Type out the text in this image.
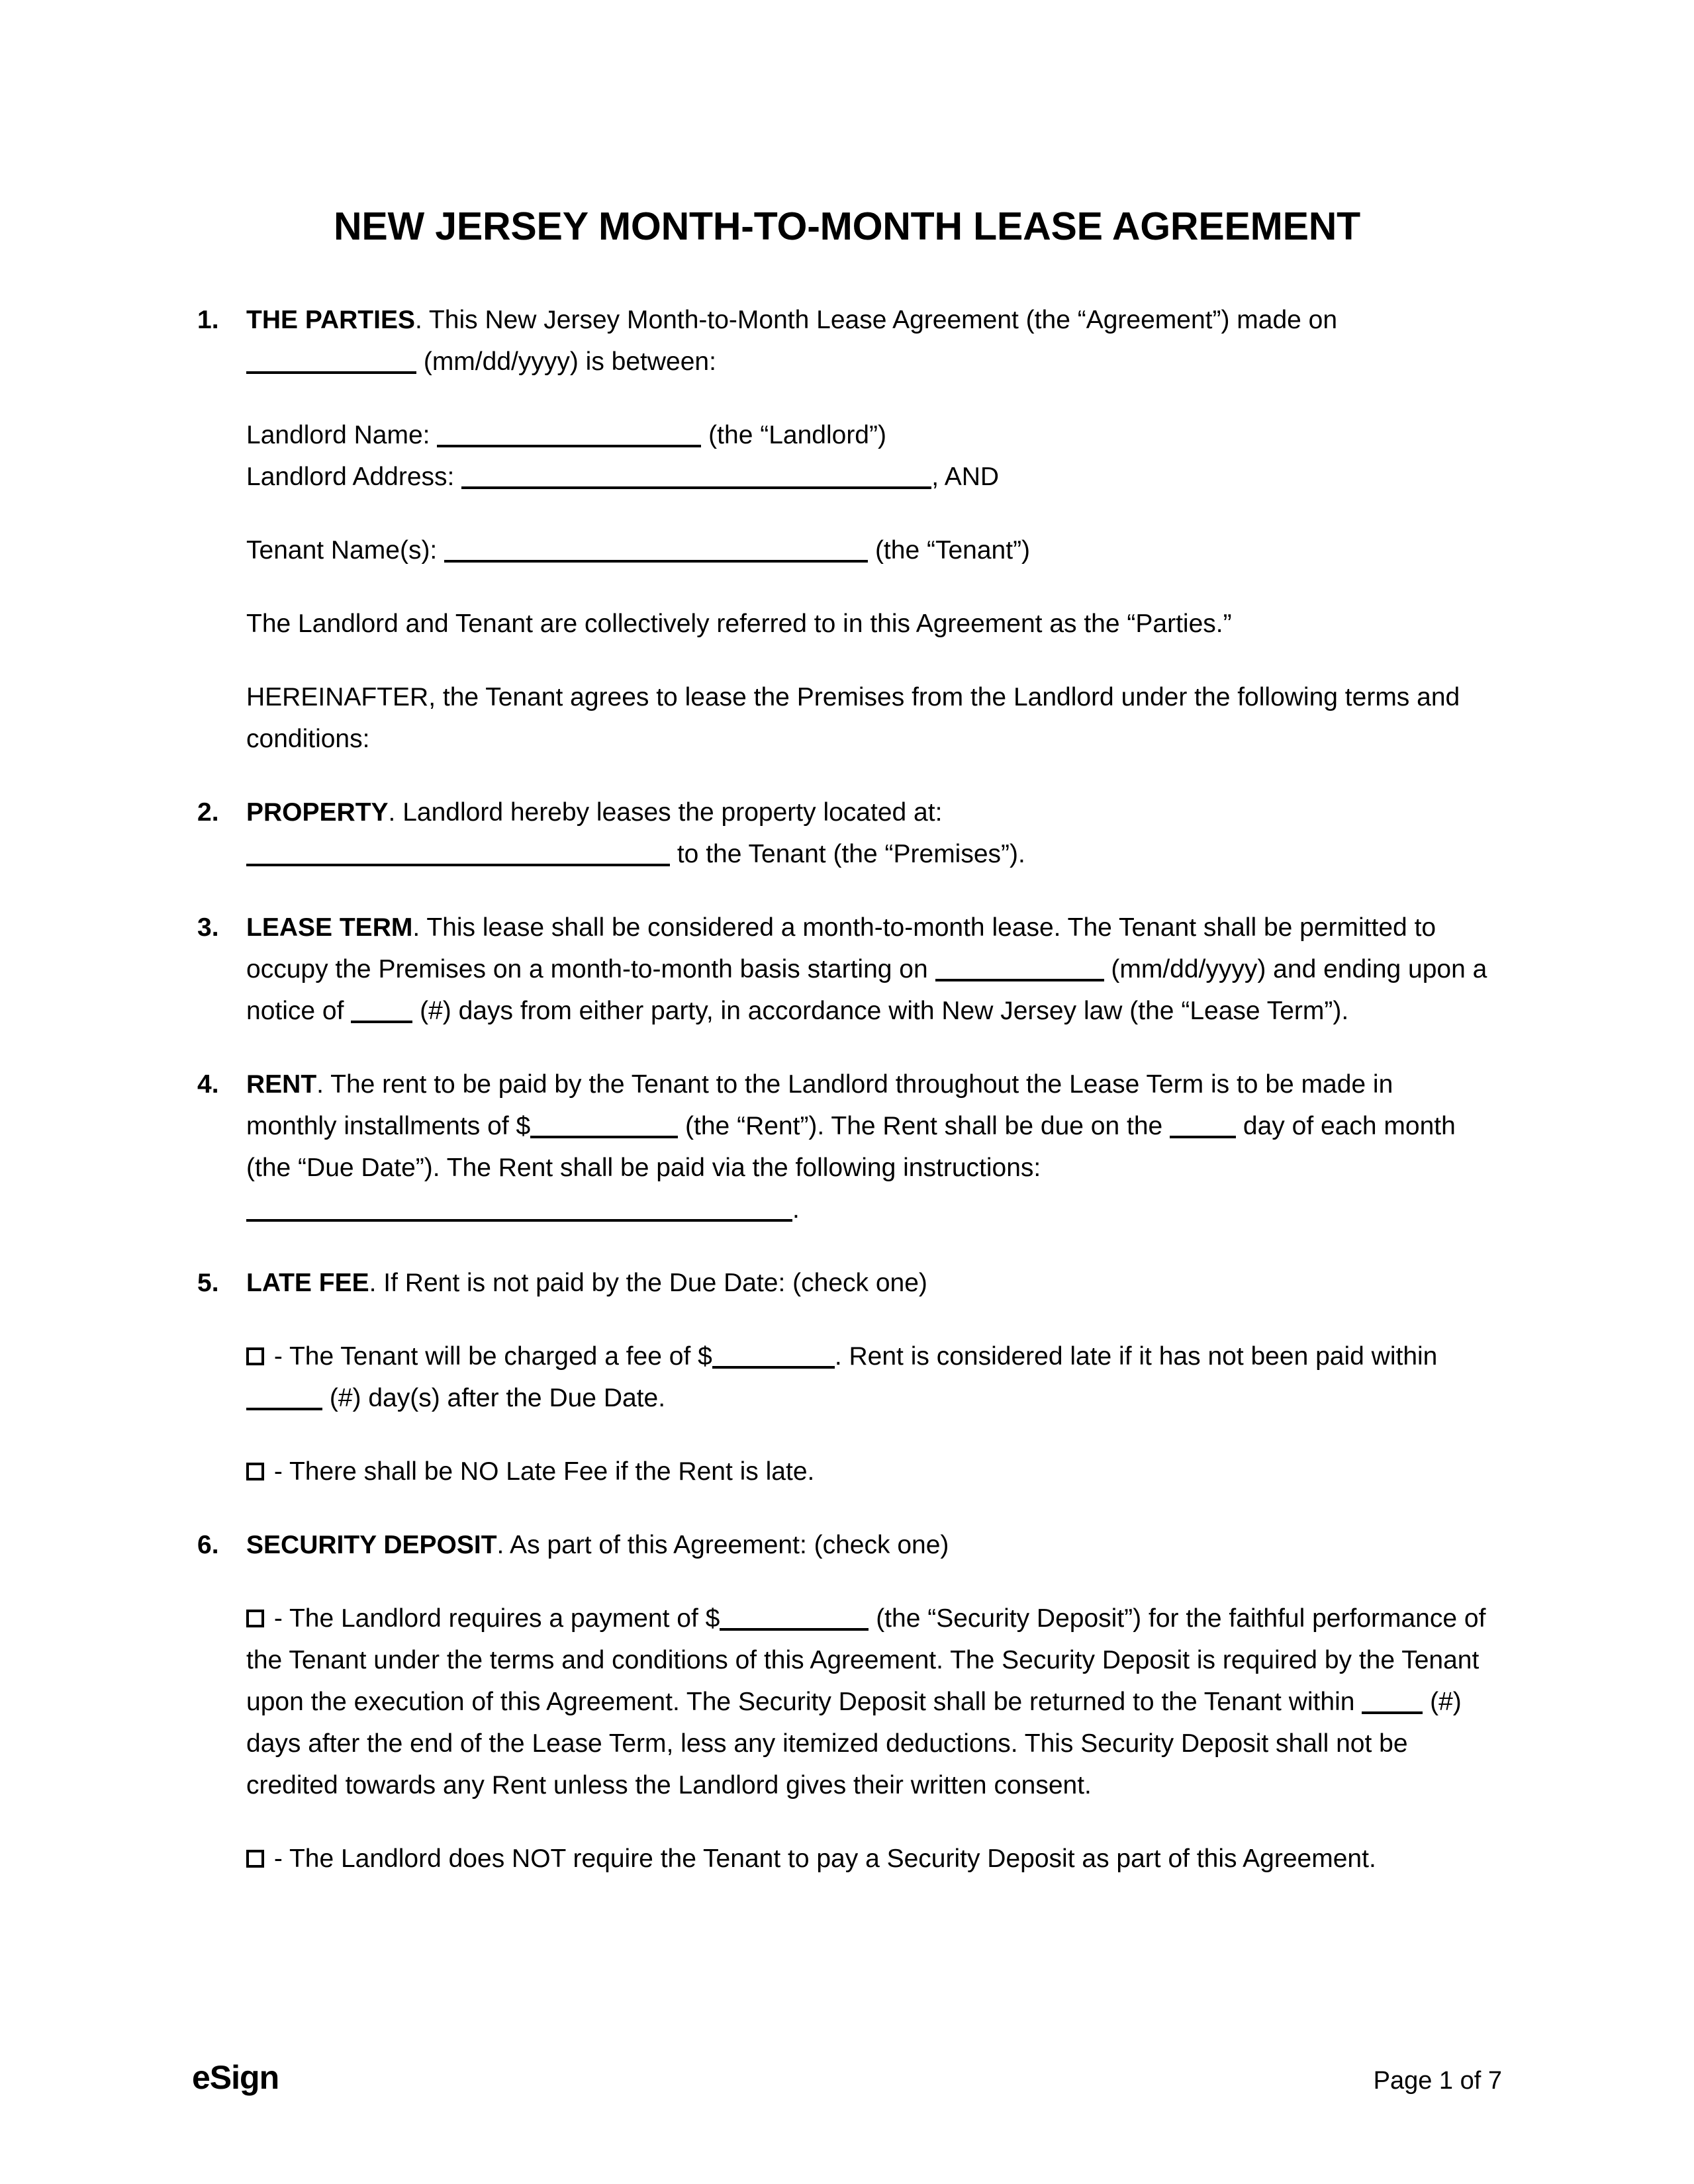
NEW JERSEY MONTH-TO-MONTH LEASE AGREEMENT
1.	THE PARTIES. This New Jersey Month-to-Month Lease Agreement (the “Agreement”) made on  (mm/dd/yyyy) is between:

Landlord Name:	(the “Landlord”)

Landlord Address:	, AND

Tenant Name(s):	(the “Tenant”)

The Landlord and Tenant are collectively referred to in this Agreement as the “Parties.”

HEREINAFTER, the Tenant agrees to lease the Premises from the Landlord under the following terms and conditions:

2.	PROPERTY. Landlord hereby leases the property located at:

to the Tenant (the “Premises”).

3.	LEASE TERM. This lease shall be considered a month-to-month lease. The Tenant shall be permitted to occupy the Premises on a month-to-month basis starting on	(mm/dd/yyyy) and ending upon a notice of  (#) days from either party, in accordance with New Jersey law (the “Lease Term”).

4.	RENT. The rent to be paid by the Tenant to the Landlord throughout the Lease Term is to be made in monthly installments of $	(the “Rent”). The Rent shall be due on the	day of each month (the “Due Date”). The Rent shall be paid via the following instructions: .

5.	LATE FEE. If Rent is not paid by the Due Date: (check one)

- The Tenant will be charged a fee of $	. Rent is considered late if it has not been paid within  (#) day(s) after the Due Date.

- There shall be NO Late Fee if the Rent is late.

6.	SECURITY DEPOSIT. As part of this Agreement: (check one)

- The Landlord requires a payment of $	(the “Security Deposit”) for the faithful performance of the Tenant under the terms and conditions of this Agreement. The Security Deposit is required by the Tenant upon the execution of this Agreement. The Security Deposit shall be returned to the Tenant within  (#) days after the end of the Lease Term, less any itemized deductions. This Security Deposit shall not be credited towards any Rent unless the Landlord gives their written consent.

- The Landlord does NOT require the Tenant to pay a Security Deposit as part of this Agreement.

eSign	Page 1 of 7
